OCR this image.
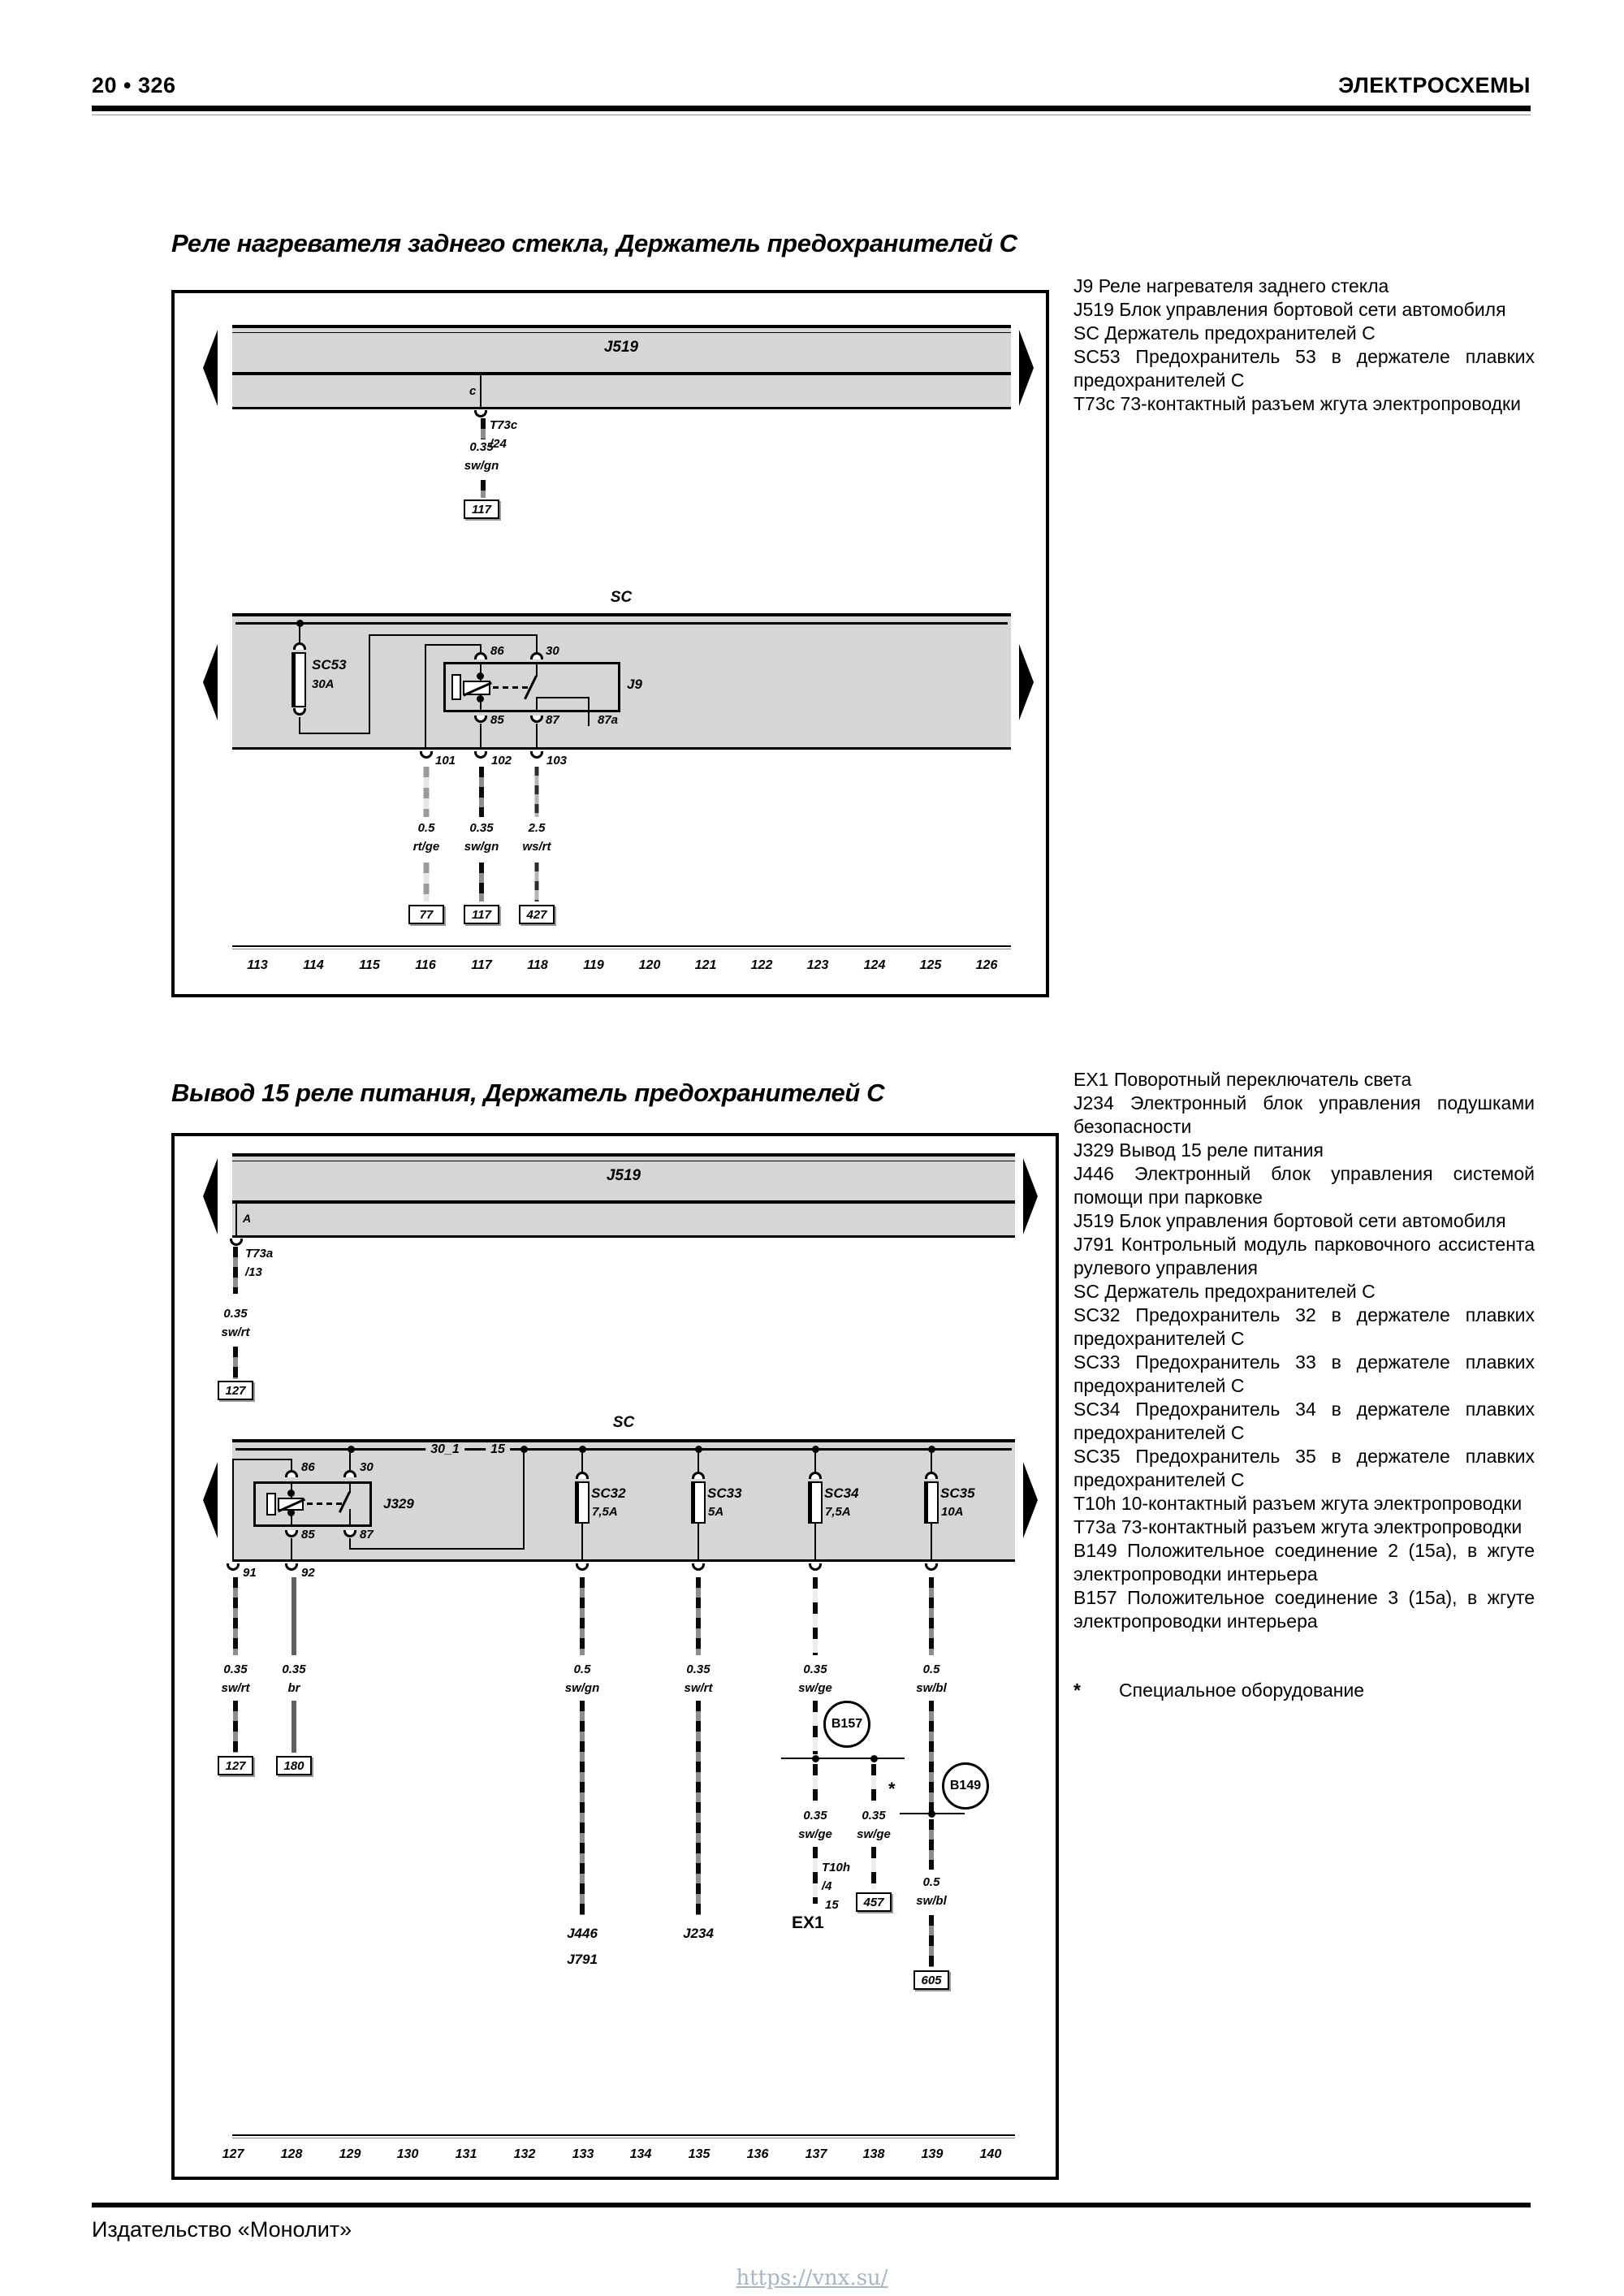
20 • 326	ЭЛЕКТРОСХЕМЫ
Реле нагревателя заднего стекла, Держатель предохранителей С
J519
c
T73c
/24
0.35
sw/gn
117
SC
SC53
30A
86	30
J9
85	87	87a
101	102	103
0.5	0.35	2.5
rt/ge sw/gn ws/rt
77	117	427
113	114	115	116	117	118	119	120	121	122	123	124	125	126

J9 Реле нагревателя заднего стекла

J519 Блок управления бортовой сети автомобиля

SC Держатель предохранителей С

SC53 Предохранитель 53 в держателе плавких предохранителей С

T73c 73-контактный разъем жгута электропроводки

Вывод 15 реле питания, Держатель предохранителей С
J519
A
T73a
/13
0.35
sw/rt
127
SC
30_1	15
86	30
J329
85	87
91	92
SC32
7,5A
SC33
5A
SC34
7,5A
SC35
10A
0.35
sw/rt
0.35
br
0.5
sw/gn
0.35
sw/rt
0.35
sw/ge
0.5
sw/bl
127	180
J446
J791
J234
B157
*
0.35
sw/ge
0.35
sw/ge
T10h
/4
15
EX1
457
B149
0.5
sw/bl
605
127	128	129	130	131	132	133	134	135	136	137	138	139	140

EX1 Поворотный переключатель света

J234 Электронный блок управления подушками безопасности

J329 Вывод 15 реле питания

J446 Электронный блок управления системой помощи при парковке

J519 Блок управления бортовой сети автомобиля

J791 Контрольный модуль парковочного ассистента рулевого управления

SC Держатель предохранителей С

SC32 Предохранитель 32 в держателе плавких предохранителей С

SC33 Предохранитель 33 в держателе плавких предохранителей С

SC34 Предохранитель 34 в держателе плавких предохранителей С

SC35 Предохранитель 35 в держателе плавких предохранителей С

T10h 10-контактный разъем жгута электропроводки

T73a 73-контактный разъем жгута электропроводки

B149 Положительное соединение 2 (15a), в жгуте электропроводки интерьера

B157 Положительное соединение 3 (15a), в жгуте электропроводки интерьера

*	Специальное оборудование
Издательство «Монолит»
https://vnx.su/
